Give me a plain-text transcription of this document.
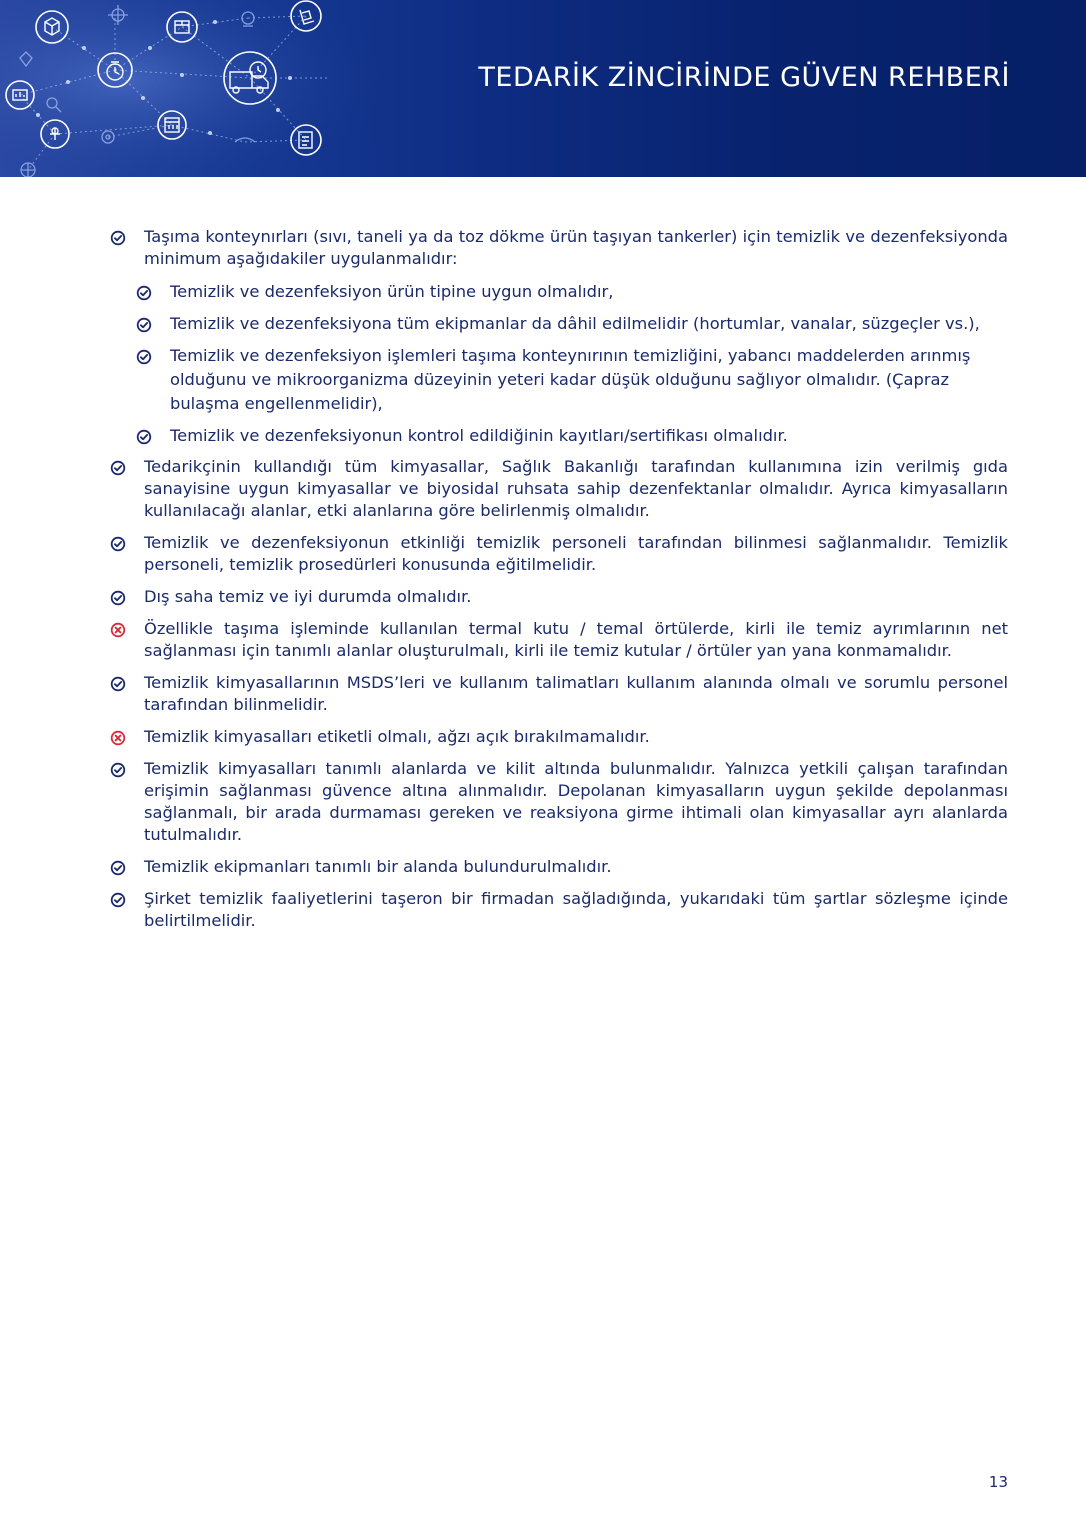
TEDARİK ZİNCİRİNDE GÜVEN REHBERİ
Taşıma konteynırları (sıvı, taneli ya da toz dökme ürün taşıyan tankerler) için temizlik ve dezenfeksiyonda minimum aşağıdakiler uygulanmalıdır:
Temizlik ve dezenfeksiyon ürün tipine uygun olmalıdır,
Temizlik ve dezenfeksiyona tüm ekipmanlar da dâhil edilmelidir (hortumlar, vanalar, süzgeçler vs.),
Temizlik ve dezenfeksiyon işlemleri taşıma konteynırının temizliğini, yabancı maddelerden arınmış olduğunu ve mikroorganizma düzeyinin yeteri kadar düşük olduğunu sağlıyor olmalıdır. (Çapraz bulaşma engellenmelidir),
Temizlik ve dezenfeksiyonun kontrol edildiğinin kayıtları/sertifikası olmalıdır.
Tedarikçinin kullandığı tüm kimyasallar, Sağlık Bakanlığı tarafından kullanımına izin verilmiş gıda sanayisine uygun kimyasallar ve biyosidal ruhsata sahip dezenfektanlar olmalıdır. Ayrıca kimyasalların kullanılacağı alanlar, etki alanlarına göre belirlenmiş olmalıdır.
Temizlik ve dezenfeksiyonun etkinliği temizlik personeli tarafından bilinmesi sağlanmalıdır. Temizlik personeli, temizlik prosedürleri konusunda eğitilmelidir.
Dış saha temiz ve iyi durumda olmalıdır.
Özellikle taşıma işleminde kullanılan termal kutu / temal örtülerde, kirli ile temiz ayrımlarının net sağlanması için tanımlı alanlar oluşturulmalı, kirli ile temiz kutular / örtüler yan yana konmamalıdır.
Temizlik kimyasallarının MSDS’leri ve kullanım talimatları kullanım alanında olmalı ve sorumlu personel tarafından bilinmelidir.
Temizlik kimyasalları etiketli olmalı, ağzı açık bırakılmamalıdır.
Temizlik kimyasalları tanımlı alanlarda ve kilit altında bulunmalıdır. Yalnızca yetkili çalışan tarafından erişimin sağlanması güvence altına alınmalıdır. Depolanan kimyasalların uygun şekilde depolanması sağlanmalı, bir arada durmaması gereken ve reaksiyona girme ihtimali olan kimyasallar ayrı alanlarda tutulmalıdır.
Temizlik ekipmanları tanımlı bir alanda bulundurulmalıdır.
Şirket temizlik faaliyetlerini taşeron bir firmadan sağladığında, yukarıdaki tüm şartlar sözleşme içinde belirtilmelidir.
13
